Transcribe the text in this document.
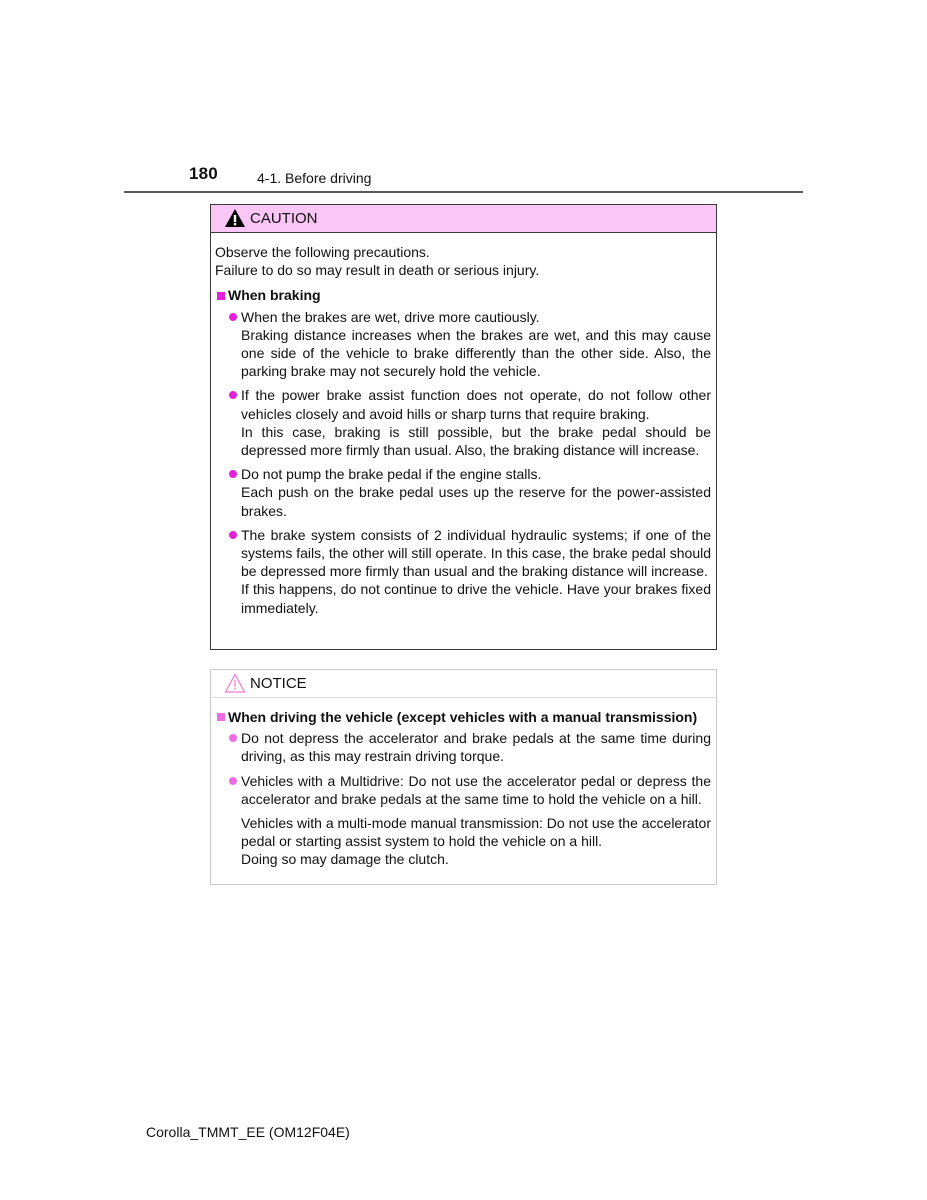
180	4-1. Before driving
CAUTION

Observe the following precautions.

Failure to do so may result in death or serious injury.

When braking

When the brakes are wet, drive more cautiously.

Braking distance increases when the brakes are wet, and this may cause one side of the vehicle to brake differently than the other side. Also, the parking brake may not securely hold the vehicle.

If the power brake assist function does not operate, do not follow other vehicles closely and avoid hills or sharp turns that require braking.

In this case, braking is still possible, but the brake pedal should be depressed more firmly than usual. Also, the braking distance will increase.

Do not pump the brake pedal if the engine stalls.

Each push on the brake pedal uses up the reserve for the power-assisted brakes.

The brake system consists of 2 individual hydraulic systems; if one of the systems fails, the other will still operate. In this case, the brake pedal should be depressed more firmly than usual and the braking distance will increase.

If this happens, do not continue to drive the vehicle. Have your brakes fixed immediately.

NOTICE
When driving the vehicle (except vehicles with a manual transmission)

Do not depress the accelerator and brake pedals at the same time during driving, as this may restrain driving torque.

Vehicles with a Multidrive: Do not use the accelerator pedal or depress the accelerator and brake pedals at the same time to hold the vehicle on a hill.

Vehicles with a multi-mode manual transmission: Do not use the accelerator pedal or starting assist system to hold the vehicle on a hill.

Doing so may damage the clutch.

Corolla_TMMT_EE (OM12F04E)
